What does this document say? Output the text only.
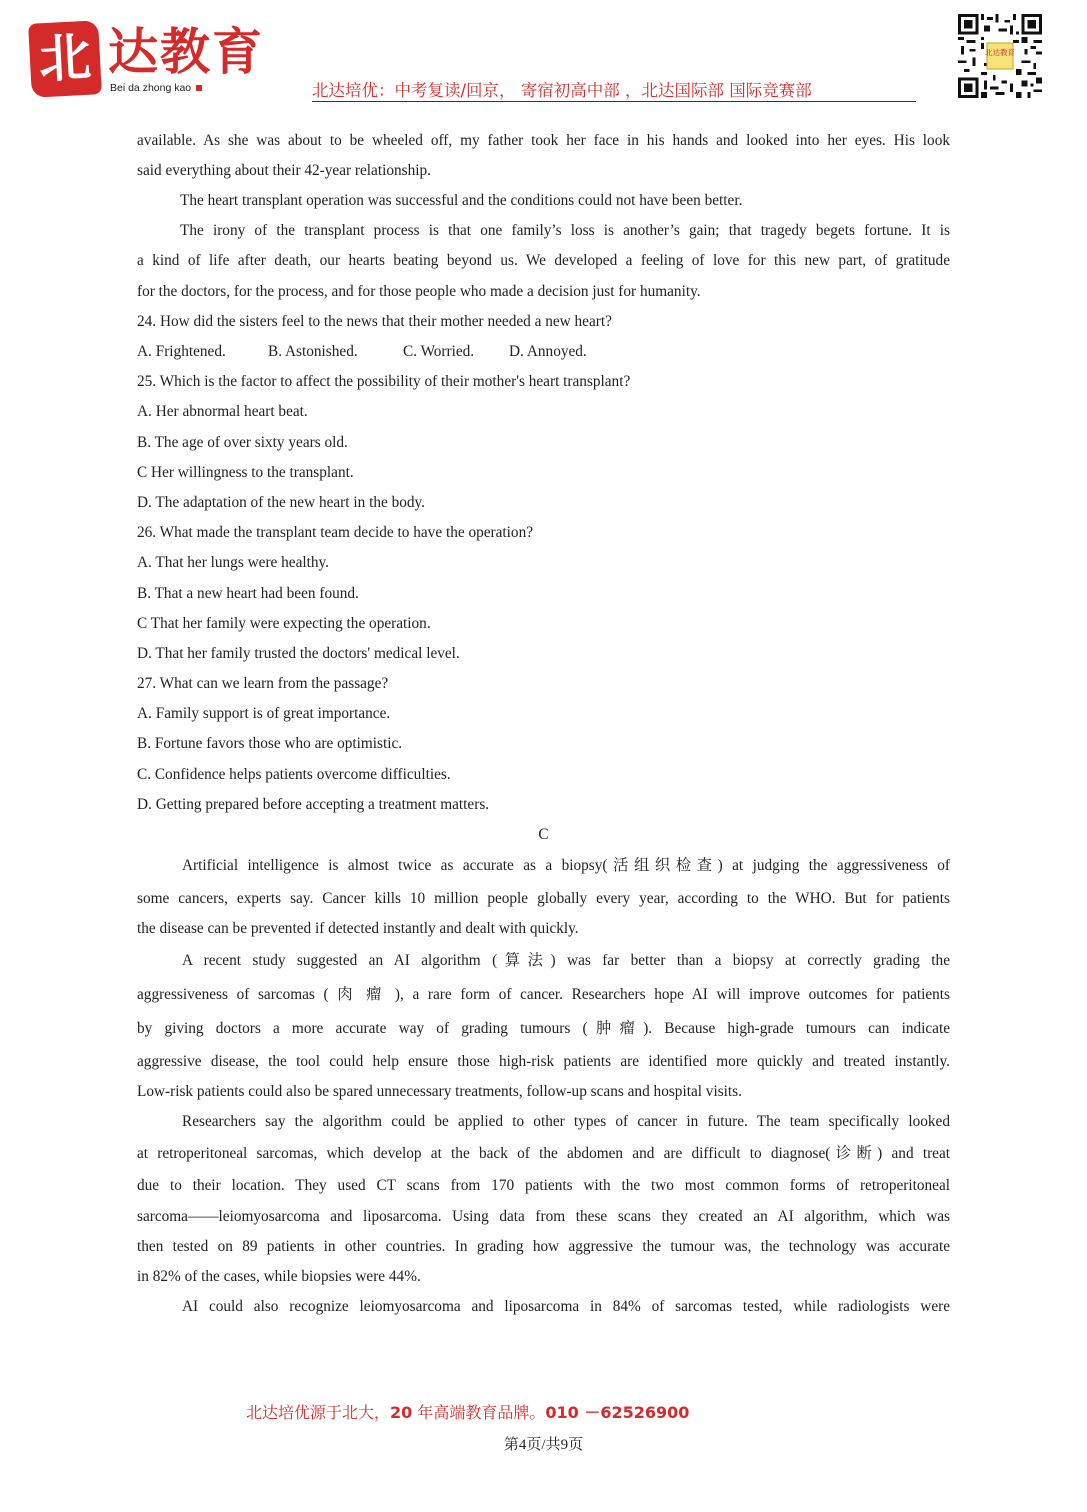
北 达教育
Bei da zhong kao	北达培优：中考复读/回京， 寄宿初高中部 ，北达国际部 国际竞赛部
北达教育
available. As she was about to be wheeled off, my father took her face in his hands and looked into her eyes. His look
said everything about their 42-year relationship.
The heart transplant operation was successful and the conditions could not have been better.
The irony of the transplant process is that one family’s loss is another’s gain; that tragedy begets fortune. It is
a kind of life after death, our hearts beating beyond us. We developed a feeling of love for this new part, of gratitude
for the doctors, for the process, and for those people who made a decision just for humanity.
24. How did the sisters feel to the news that their mother needed a new heart?
A. Frightened.	B. Astonished.	C. Worried. D. Annoyed.
25. Which is the factor to affect the possibility of their mother's heart transplant?
A. Her abnormal heart beat.
B. The age of over sixty years old.
C Her willingness to the transplant.
D. The adaptation of the new heart in the body.
26. What made the transplant team decide to have the operation?
A. That her lungs were healthy.
B. That a new heart had been found.
C That her family were expecting the operation.
D. That her family trusted the doctors' medical level.
27. What can we learn from the passage?
A. Family support is of great importance.
B. Fortune favors those who are optimistic.
C. Confidence helps patients overcome difficulties.
D. Getting prepared before accepting a treatment matters.
C
Artificial intelligence is almost twice as accurate as a biopsy(活组织检查) at judging the aggressiveness of
some cancers, experts say. Cancer kills 10 million people globally every year, according to the WHO. But for patients
the disease can be prevented if detected instantly and dealt with quickly.
A recent study suggested an AI algorithm (算法) was far better than a biopsy at correctly grading the
aggressiveness of sarcomas ( 肉 瘤 ), a rare form of cancer. Researchers hope AI will improve outcomes for patients
by giving doctors a more accurate way of grading tumours (肿瘤). Because high-grade tumours can indicate
aggressive disease, the tool could help ensure those high-risk patients are identified more quickly and treated instantly.
Low-risk patients could also be spared unnecessary treatments, follow-up scans and hospital visits.
Researchers say the algorithm could be applied to other types of cancer in future. The team specifically looked
at retroperitoneal sarcomas, which develop at the back of the abdomen and are difficult to diagnose(诊断) and treat
due to their location. They used CT scans from 170 patients with the two most common forms of retroperitoneal
sarcoma——leiomyosarcoma and liposarcoma. Using data from these scans they created an AI algorithm, which was
then tested on 89 patients in other countries. In grading how aggressive the tumour was, the technology was accurate
in 82% of the cases, while biopsies were 44%.
AI could also recognize leiomyosarcoma and liposarcoma in 84% of sarcomas tested, while radiologists were
北达培优源于北大，20 年高端教育品牌。010 －62526900
第4页/共9页
